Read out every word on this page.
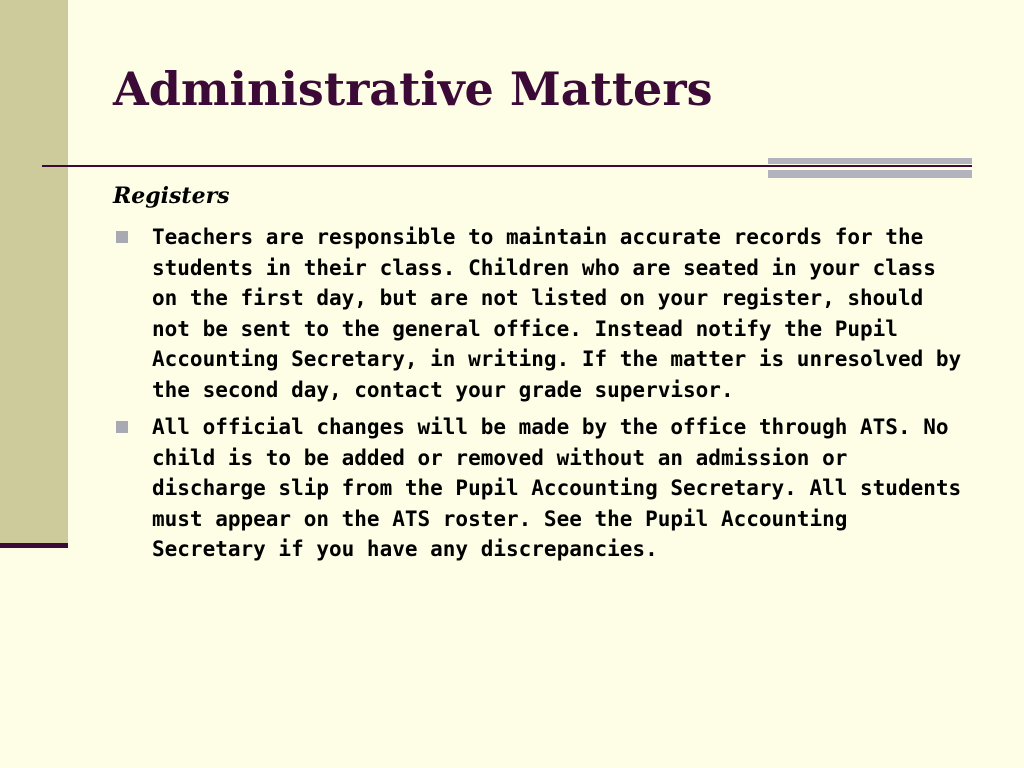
Administrative Matters
Registers
Teachers are responsible to maintain accurate records for the students in their class. Children who are seated in your class on the first day, but are not listed on your register, should not be sent to the general office. Instead notify the Pupil Accounting Secretary, in writing. If the matter is unresolved by the second day, contact your grade supervisor.
All official changes will be made by the office through ATS. No child is to be added or removed without an admission or discharge slip from the Pupil Accounting Secretary. All students must appear on the ATS roster. See the Pupil Accounting Secretary if you have any discrepancies.
